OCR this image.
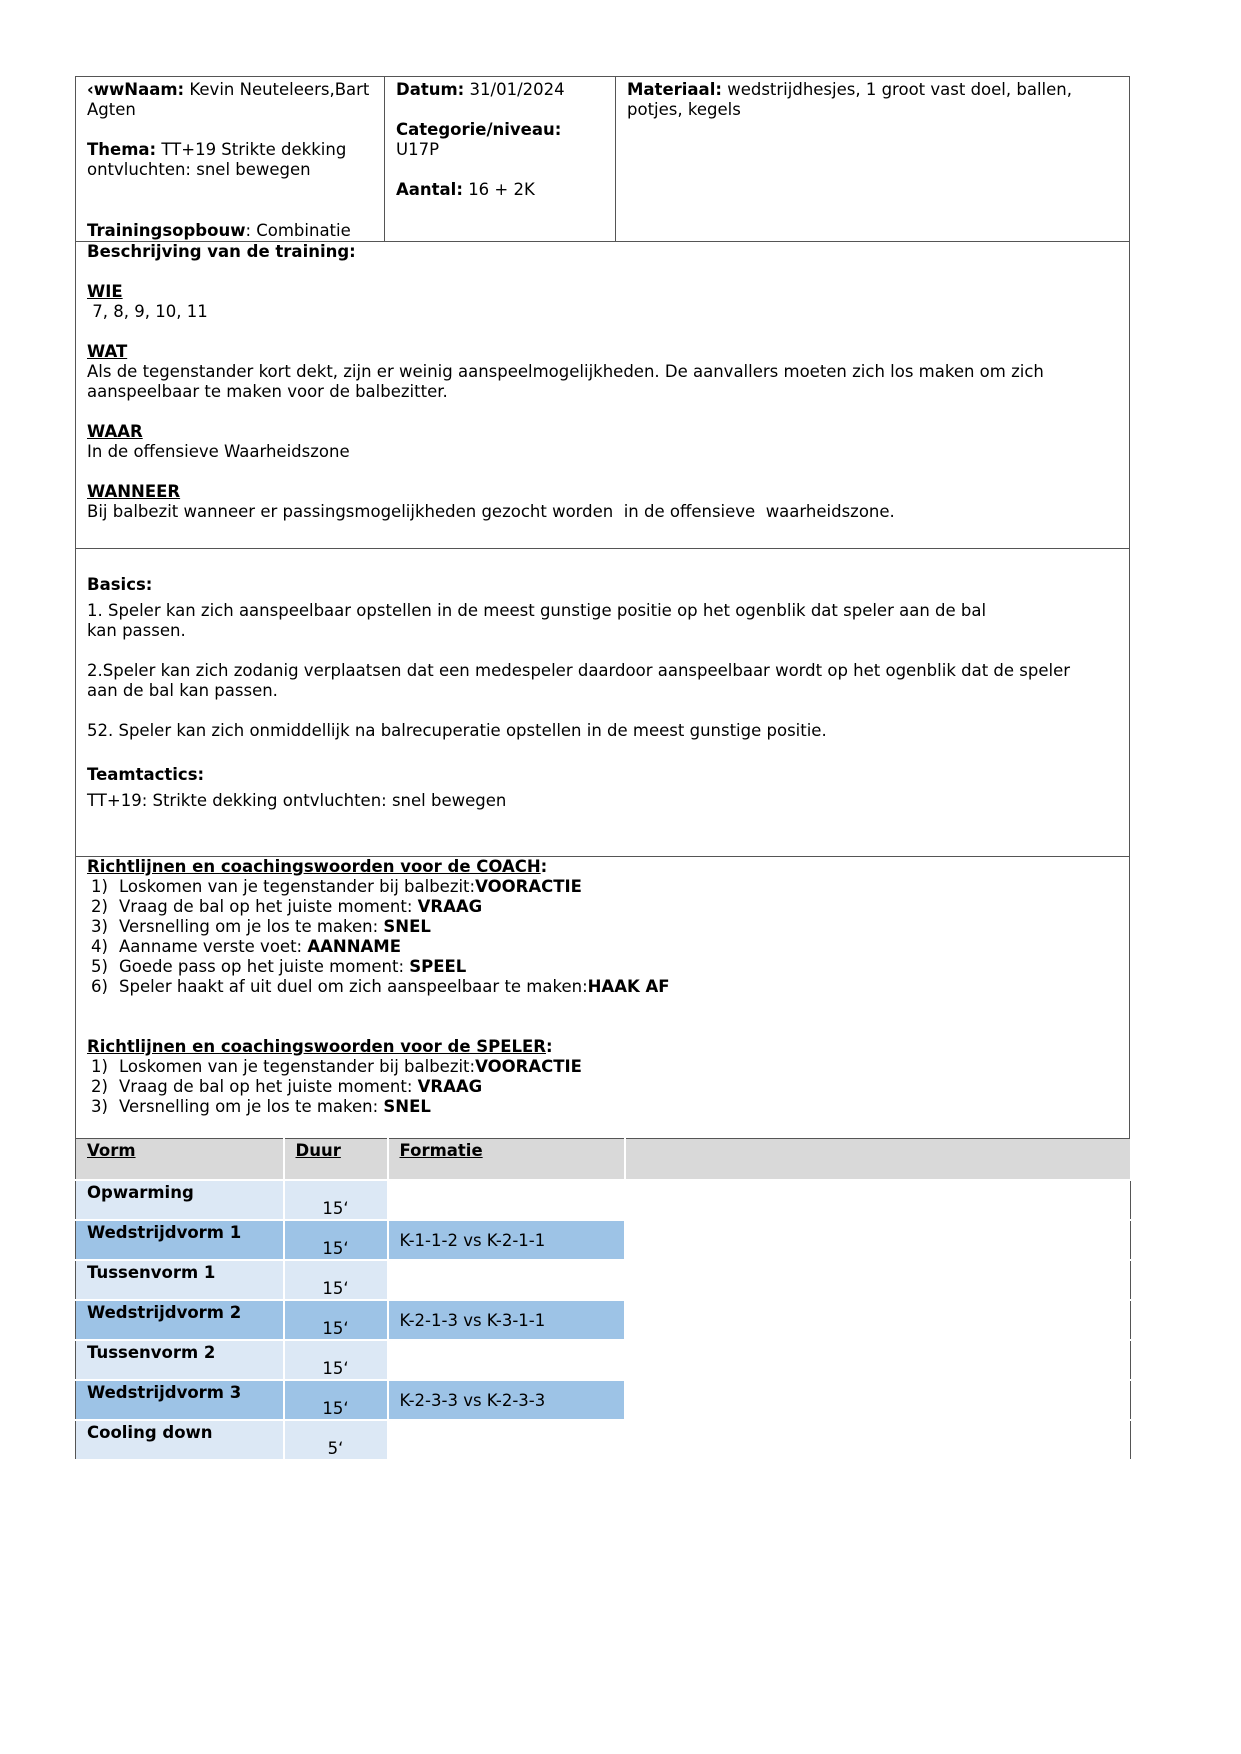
‹wwNaam: Kevin Neuteleers,Bart Agten
Thema: TT+19 Strikte dekking ontvluchten: snel bewegen
Trainingsopbouw: Combinatie
Datum: 31/01/2024
Categorie/niveau:
U17P
Aantal: 16 + 2K
Materiaal: wedstrijdhesjes, 1 groot vast doel, ballen, potjes, kegels

Beschrijving van de training:

WIE

7, 8, 9, 10, 11

WAT

Als de tegenstander kort dekt, zijn er weinig aanspeelmogelijkheden. De aanvallers moeten zich los maken om zich

aanspeelbaar te maken voor de balbezitter.

WAAR

In de offensieve Waarheidszone

WANNEER

Bij balbezit wanneer er passingsmogelijkheden gezocht worden  in de offensieve  waarheidszone.

Basics:

1. Speler kan zich aanspeelbaar opstellen in de meest gunstige positie op het ogenblik dat speler aan de bal

kan passen.

2.Speler kan zich zodanig verplaatsen dat een medespeler daardoor aanspeelbaar wordt op het ogenblik dat de speler

aan de bal kan passen.

52. Speler kan zich onmiddellijk na balrecuperatie opstellen in de meest gunstige positie.

Teamtactics:

TT+19: Strikte dekking ontvluchten: snel bewegen

Richtlijnen en coachingswoorden voor de COACH:

1) Loskomen van je tegenstander bij balbezit:VOORACTIE
2) Vraag de bal op het juiste moment: VRAAG
3) Versnelling om je los te maken: SNEL
4) Aanname verste voet: AANNAME
5) Goede pass op het juiste moment: SPEEL
6) Speler haakt af uit duel om zich aanspeelbaar te maken:HAAK AF

Richtlijnen en coachingswoorden voor de SPELER:

1) Loskomen van je tegenstander bij balbezit:VOORACTIE
2) Vraag de bal op het juiste moment: VRAAG
3) Versnelling om je los te maken: SNEL
Vorm	Duur	Formatie	
Opwarming	15‘		
Wedstrijdvorm 1	15‘	K-1-1-2 vs K-2-1-1	
Tussenvorm 1	15‘		
Wedstrijdvorm 2	15‘	K-2-1-3 vs K-3-1-1	
Tussenvorm 2	15‘		
Wedstrijdvorm 3	15‘	K-2-3-3 vs K-2-3-3	
Cooling down	5‘		
